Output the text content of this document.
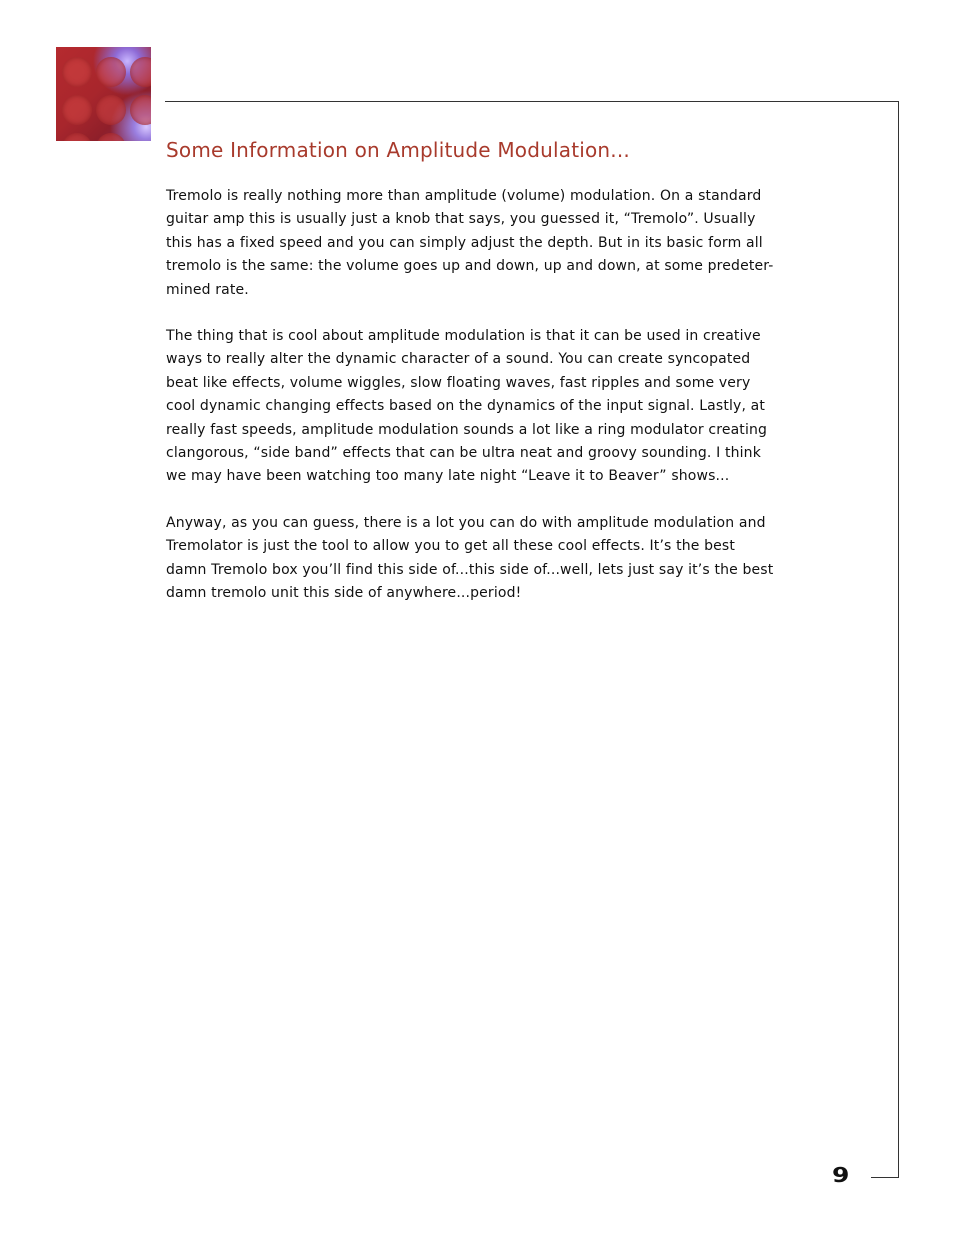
Some Information on Amplitude Modulation...

Tremolo is really nothing more than amplitude (volume) modulation. On a standard
guitar amp this is usually just a knob that says, you guessed it, “Tremolo”. Usually
this has a fixed speed and you can simply adjust the depth. But in its basic form all
tremolo is the same: the volume goes up and down, up and down, at some predeter-
mined rate.

The thing that is cool about amplitude modulation is that it can be used in creative
ways to really alter the dynamic character of a sound. You can create syncopated
beat like effects, volume wiggles, slow floating waves, fast ripples and some very
cool dynamic changing effects based on the dynamics of the input signal. Lastly, at
really fast speeds, amplitude modulation sounds a lot like a ring modulator creating
clangorous, “side band” effects that can be ultra neat and groovy sounding. I think
we may have been watching too many late night “Leave it to Beaver” shows...

Anyway, as you can guess, there is a lot you can do with amplitude modulation and
Tremolator is just the tool to allow you to get all these cool effects. It’s the best
damn Tremolo box you’ll find this side of...this side of...well, lets just say it’s the best
damn tremolo unit this side of anywhere...period!

9
